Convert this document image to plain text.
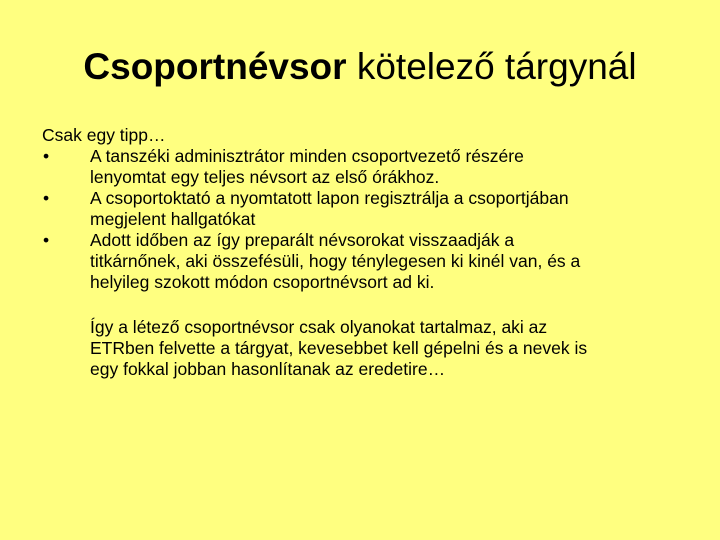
Csoportnévsor kötelező tárgynál

Csak egy tipp…

• A tanszéki adminisztrátor minden csoportvezető részére
lenyomtat egy teljes névsort az első órákhoz.
• A csoportoktató a nyomtatott lapon regisztrálja a csoportjában
megjelent hallgatókat
• Adott időben az így preparált névsorokat visszaadják a
titkárnőnek, aki összefésüli, hogy ténylegesen ki kinél van, és a
helyileg szokott módon csoportnévsort ad ki.

Így a létező csoportnévsor csak olyanokat tartalmaz, aki az
ETRben felvette a tárgyat, kevesebbet kell gépelni és a nevek is
egy fokkal jobban hasonlítanak az eredetire…
